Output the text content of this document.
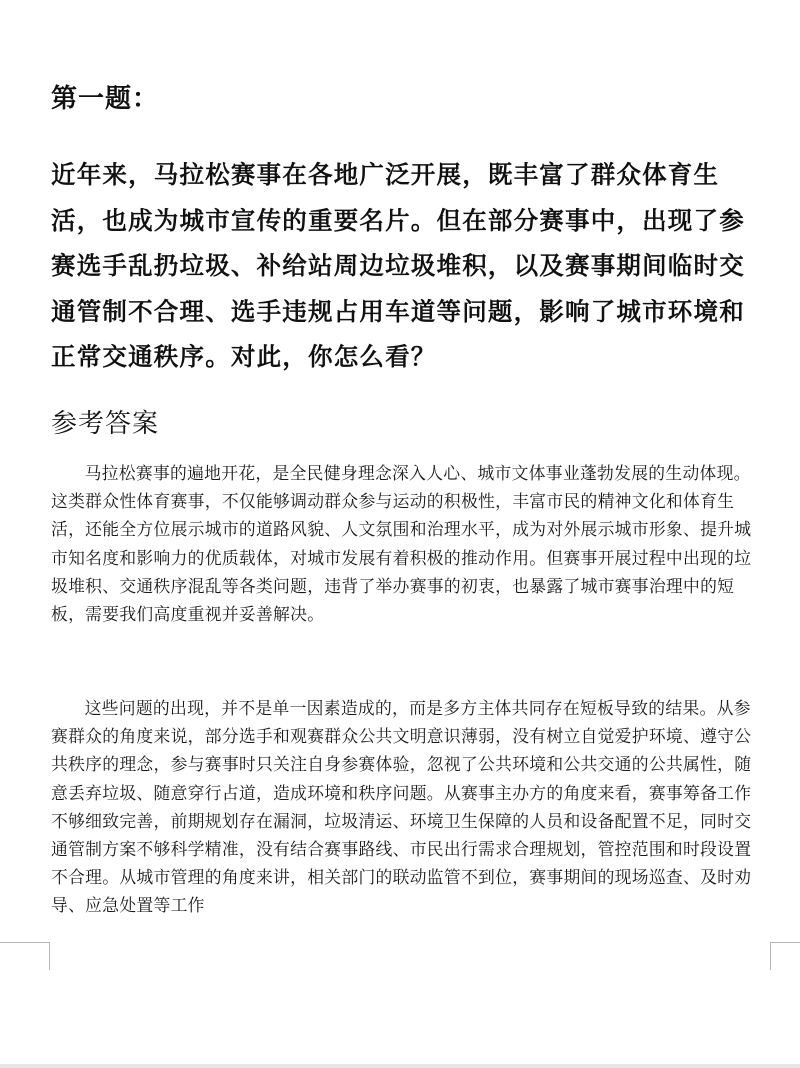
第一题：

近年来，马拉松赛事在各地广泛开展，既丰富了群众体育生活，也成为城市宣传的重要名片。但在部分赛事中，出现了参赛选手乱扔垃圾、补给站周边垃圾堆积，以及赛事期间临时交通管制不合理、选手违规占用车道等问题，影响了城市环境和正常交通秩序。对此，你怎么看？

参考答案

马拉松赛事的遍地开花，是全民健身理念深入人心、城市文体事业蓬勃发展的生动体现。这类群众性体育赛事，不仅能够调动群众参与运动的积极性，丰富市民的精神文化和体育生活，还能全方位展示城市的道路风貌、人文氛围和治理水平，成为对外展示城市形象、提升城市知名度和影响力的优质载体，对城市发展有着积极的推动作用。但赛事开展过程中出现的垃圾堆积、交通秩序混乱等各类问题，违背了举办赛事的初衷，也暴露了城市赛事治理中的短板，需要我们高度重视并妥善解决。

这些问题的出现，并不是单一因素造成的，而是多方主体共同存在短板导致的结果。从参赛群众的角度来说，部分选手和观赛群众公共文明意识薄弱，没有树立自觉爱护环境、遵守公共秩序的理念，参与赛事时只关注自身参赛体验，忽视了公共环境和公共交通的公共属性，随意丢弃垃圾、随意穿行占道，造成环境和秩序问题。从赛事主办方的角度来看，赛事筹备工作不够细致完善，前期规划存在漏洞，垃圾清运、环境卫生保障的人员和设备配置不足，同时交通管制方案不够科学精准，没有结合赛事路线、市民出行需求合理规划，管控范围和时段设置不合理。从城市管理的角度来讲，相关部门的联动监管不到位，赛事期间的现场巡查、及时劝导、应急处置等工作
